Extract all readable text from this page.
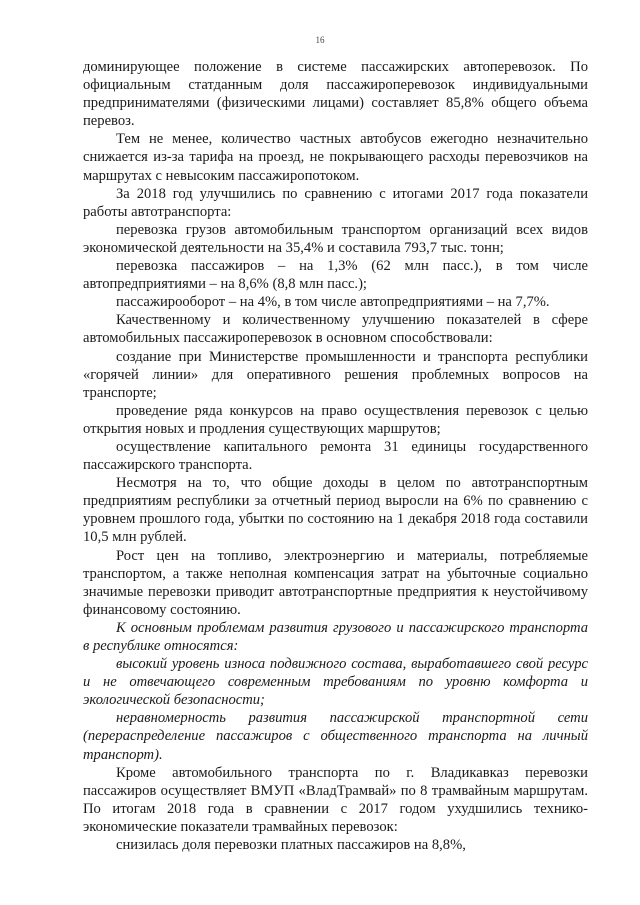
16

доминирующее положение в системе пассажирских автоперевозок. По официальным статданным доля пассажироперевозок индивидуальными предпринимателями (физическими лицами) составляет 85,8% общего объема перевоз.

Тем не менее, количество частных автобусов ежегодно незначительно снижается из-за тарифа на проезд, не покрывающего расходы перевозчиков на маршрутах с невысоким пассажиропотоком.

За 2018 год улучшились по сравнению с итогами 2017 года показатели работы автотранспорта:

перевозка грузов автомобильным транспортом организаций всех видов экономической деятельности на 35,4% и составила 793,7 тыс. тонн;

перевозка пассажиров – на 1,3% (62 млн пасс.), в том числе автопредприятиями – на 8,6% (8,8 млн пасс.);

пассажирооборот – на 4%, в том числе автопредприятиями – на 7,7%.

Качественному и количественному улучшению показателей в сфере автомобильных пассажироперевозок в основном способствовали:

создание при Министерстве промышленности и транспорта республики «горячей линии» для оперативного решения проблемных вопросов на транспорте;

проведение ряда конкурсов на право осуществления перевозок с целью открытия новых и продления существующих маршрутов;

осуществление капитального ремонта 31 единицы государственного пассажирского транспорта.

Несмотря на то, что общие доходы в целом по автотранспортным предприятиям республики за отчетный период выросли на 6% по сравнению с уровнем прошлого года, убытки по состоянию на 1 декабря 2018 года составили 10,5 млн рублей.

Рост цен на топливо, электроэнергию и материалы, потребляемые транспортом, а также неполная компенсация затрат на убыточные социально значимые перевозки приводит автотранспортные предприятия к неустойчивому финансовому состоянию.

К основным проблемам развития грузового и пассажирского транспорта в республике относятся:

высокий уровень износа подвижного состава, выработавшего свой ресурс и не отвечающего современным требованиям по уровню комфорта и экологической безопасности;

неравномерность развития пассажирской транспортной сети (перераспределение пассажиров с общественного транспорта на личный транспорт).

Кроме автомобильного транспорта по г. Владикавказ перевозки пассажиров осуществляет ВМУП «ВладТрамвай» по 8 трамвайным маршрутам. По итогам 2018 года в сравнении с 2017 годом ухудшились технико-экономические показатели трамвайных перевозок:

снизилась доля перевозки платных пассажиров на 8,8%,
